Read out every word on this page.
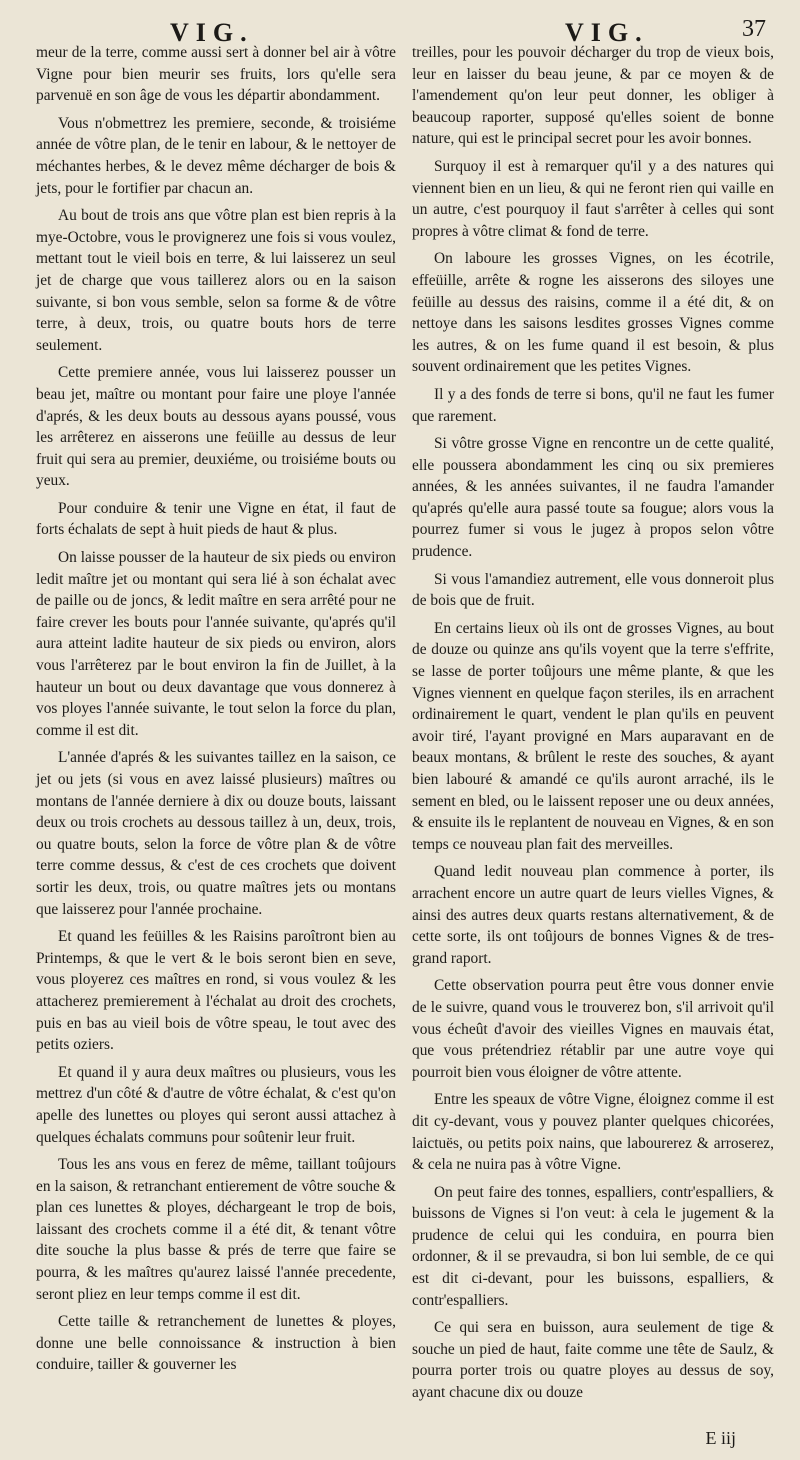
VIG.	VIG.	37

meur de la terre, comme aussi sert à donner bel air à vôtre Vigne pour bien meurir ses fruits, lors qu'elle sera parvenuë en son âge de vous les départir abondamment.

Vous n'obmettrez les premiere, seconde, & troisiéme année de vôtre plan, de le tenir en labour, & le nettoyer de méchantes herbes, & le devez même décharger de bois & jets, pour le fortifier par chacun an.

Au bout de trois ans que vôtre plan est bien repris à la mye-Octobre, vous le provignerez une fois si vous voulez, mettant tout le vieil bois en terre, & lui laisserez un seul jet de charge que vous taillerez alors ou en la saison suivante, si bon vous semble, selon sa forme & de vôtre terre, à deux, trois, ou quatre bouts hors de terre seulement.

Cette premiere année, vous lui laisserez pousser un beau jet, maître ou montant pour faire une ploye l'année d'aprés, & les deux bouts au dessous ayans poussé, vous les arrêterez en aisserons une feüille au dessus de leur fruit qui sera au premier, deuxiéme, ou troisiéme bouts ou yeux.

Pour conduire & tenir une Vigne en état, il faut de forts échalats de sept à huit pieds de haut & plus.

On laisse pousser de la hauteur de six pieds ou environ ledit maître jet ou montant qui sera lié à son échalat avec de paille ou de joncs, & ledit maître en sera arrêté pour ne faire crever les bouts pour l'année suivante, qu'aprés qu'il aura atteint ladite hauteur de six pieds ou environ, alors vous l'arrêterez par le bout environ la fin de Juillet, à la hauteur un bout ou deux davantage que vous donnerez à vos ployes l'année suivante, le tout selon la force du plan, comme il est dit.

L'année d'aprés & les suivantes taillez en la saison, ce jet ou jets (si vous en avez laissé plusieurs) maîtres ou montans de l'année derniere à dix ou douze bouts, laissant deux ou trois crochets au dessous taillez à un, deux, trois, ou quatre bouts, selon la force de vôtre plan & de vôtre terre comme dessus, & c'est de ces crochets que doivent sortir les deux, trois, ou quatre maîtres jets ou montans que laisserez pour l'année prochaine.

Et quand les feüilles & les Raisins paroîtront bien au Printemps, & que le vert & le bois seront bien en seve, vous ployerez ces maîtres en rond, si vous voulez & les attacherez premierement à l'échalat au droit des crochets, puis en bas au vieil bois de vôtre speau, le tout avec des petits oziers.

Et quand il y aura deux maîtres ou plusieurs, vous les mettrez d'un côté & d'autre de vôtre échalat, & c'est qu'on apelle des lunettes ou ployes qui seront aussi attachez à quelques échalats communs pour soûtenir leur fruit.

Tous les ans vous en ferez de même, taillant toûjours en la saison, & retranchant entierement de vôtre souche & plan ces lunettes & ployes, déchargeant le trop de bois, laissant des crochets comme il a été dit, & tenant vôtre dite souche la plus basse & prés de terre que faire se pourra, & les maîtres qu'aurez laissé l'année precedente, seront pliez en leur temps comme il est dit.

Cette taille & retranchement de lunettes & ployes, donne une belle connoissance & instruction à bien conduire, tailler & gouverner les

treilles, pour les pouvoir décharger du trop de vieux bois, leur en laisser du beau jeune, & par ce moyen & de l'amendement qu'on leur peut donner, les obliger à beaucoup raporter, supposé qu'elles soient de bonne nature, qui est le principal secret pour les avoir bonnes.

Surquoy il est à remarquer qu'il y a des natures qui viennent bien en un lieu, & qui ne feront rien qui vaille en un autre, c'est pourquoy il faut s'arrêter à celles qui sont propres à vôtre climat & fond de terre.

On laboure les grosses Vignes, on les écotrile, effeüille, arrête & rogne les aisserons des siloyes une feüille au dessus des raisins, comme il a été dit, & on nettoye dans les saisons lesdites grosses Vignes comme les autres, & on les fume quand il est besoin, & plus souvent ordinairement que les petites Vignes.

Il y a des fonds de terre si bons, qu'il ne faut les fumer que rarement.

Si vôtre grosse Vigne en rencontre un de cette qualité, elle poussera abondamment les cinq ou six premieres années, & les années suivantes, il ne faudra l'amander qu'aprés qu'elle aura passé toute sa fougue; alors vous la pourrez fumer si vous le jugez à propos selon vôtre prudence.

Si vous l'amandiez autrement, elle vous donneroit plus de bois que de fruit.

En certains lieux où ils ont de grosses Vignes, au bout de douze ou quinze ans qu'ils voyent que la terre s'effrite, se lasse de porter toûjours une même plante, & que les Vignes viennent en quelque façon steriles, ils en arrachent ordinairement le quart, vendent le plan qu'ils en peuvent avoir tiré, l'ayant provigné en Mars auparavant en de beaux montans, & brûlent le reste des souches, & ayant bien labouré & amandé ce qu'ils auront arraché, ils le sement en bled, ou le laissent reposer une ou deux années, & ensuite ils le replantent de nouveau en Vignes, & en son temps ce nouveau plan fait des merveilles.

Quand ledit nouveau plan commence à porter, ils arrachent encore un autre quart de leurs vielles Vignes, & ainsi des autres deux quarts restans alternativement, & de cette sorte, ils ont toûjours de bonnes Vignes & de tres-grand raport.

Cette observation pourra peut être vous donner envie de le suivre, quand vous le trouverez bon, s'il arrivoit qu'il vous écheût d'avoir des vieilles Vignes en mauvais état, que vous prétendriez rétablir par une autre voye qui pourroit bien vous éloigner de vôtre attente.

Entre les speaux de vôtre Vigne, éloignez comme il est dit cy-devant, vous y pouvez planter quelques chicorées, laictuës, ou petits poix nains, que labourerez & arroserez, & cela ne nuira pas à vôtre Vigne.

On peut faire des tonnes, espalliers, contr'espalliers, & buissons de Vignes si l'on veut: à cela le jugement & la prudence de celui qui les conduira, en pourra bien ordonner, & il se prevaudra, si bon lui semble, de ce qui est dit ci-devant, pour les buissons, espalliers, & contr'espalliers.

Ce qui sera en buisson, aura seulement de tige & souche un pied de haut, faite comme une tête de Saulz, & pourra porter trois ou quatre ployes au dessus de soy, ayant chacune dix ou douze

E iij
